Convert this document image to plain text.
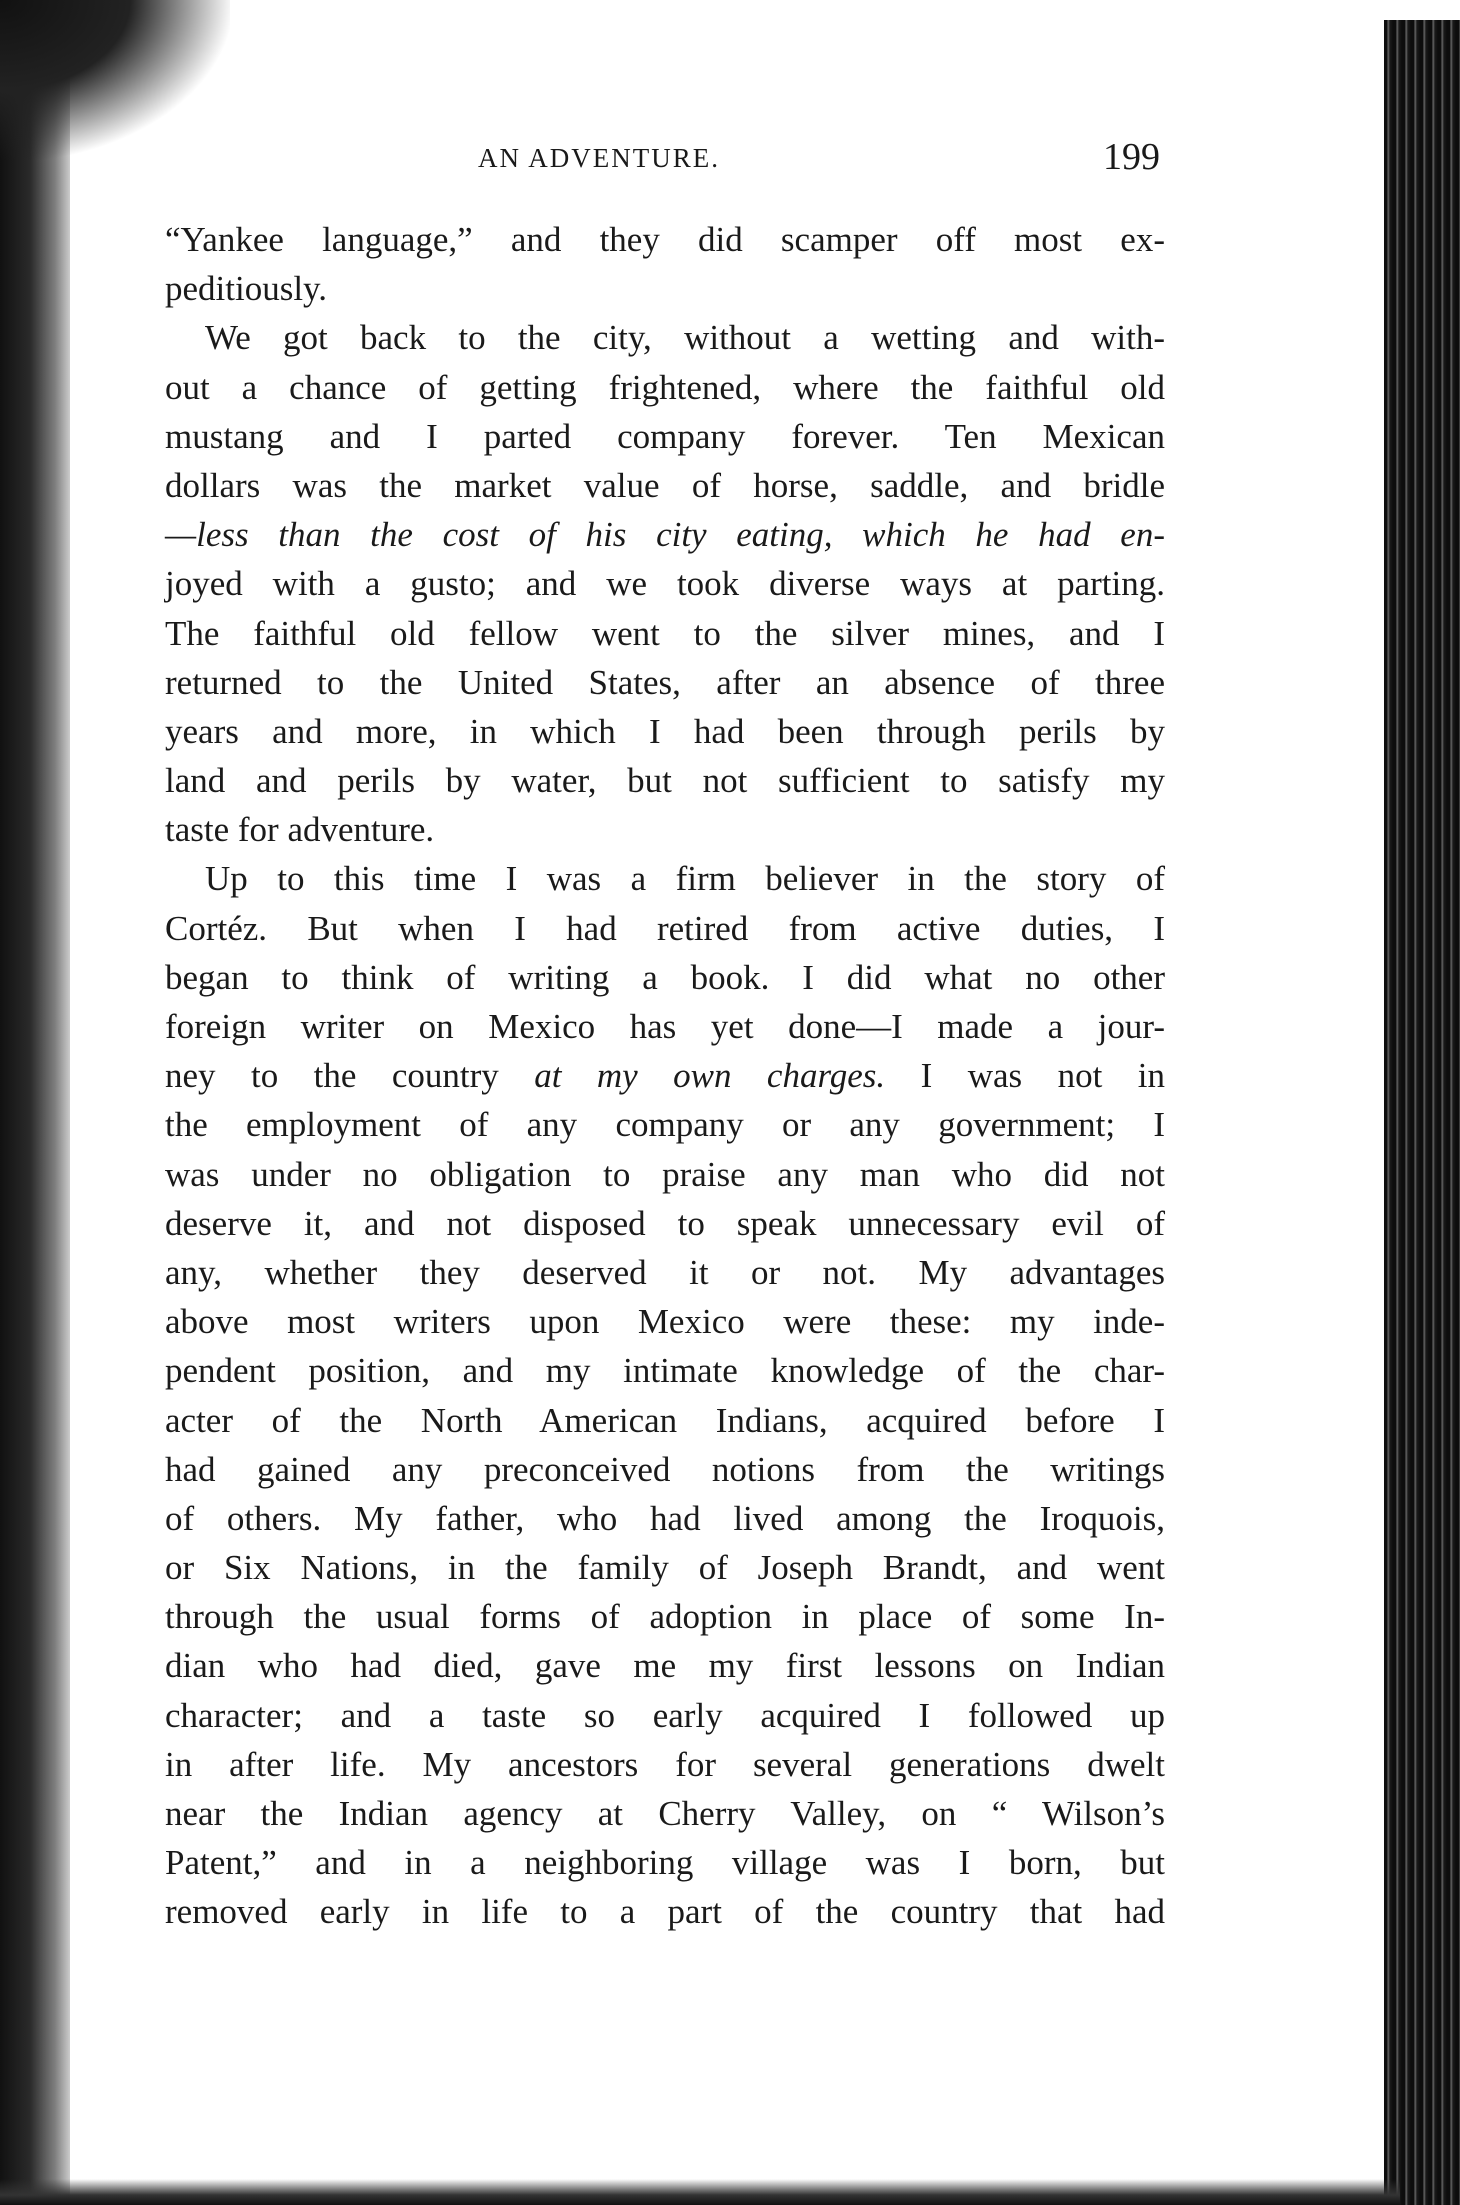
AN ADVENTURE.	199
“Yankee language,” and they did scamper off most ex-
peditiously.
We got back to the city, without a wetting and with-
out a chance of getting frightened, where the faithful old
mustang and I parted company forever. Ten Mexican
dollars was the market value of horse, saddle, and bridle
—less than the cost of his city eating, which he had en-
joyed with a gusto; and we took diverse ways at parting.
The faithful old fellow went to the silver mines, and I
returned to the United States, after an absence of three
years and more, in which I had been through perils by
land and perils by water, but not sufficient to satisfy my
taste for adventure.
Up to this time I was a firm believer in the story of
Cortéz. But when I had retired from active duties, I
began to think of writing a book. I did what no other
foreign writer on Mexico has yet done—I made a jour-
ney to the country at my own charges. I was not in
the employment of any company or any government; I
was under no obligation to praise any man who did not
deserve it, and not disposed to speak unnecessary evil of
any, whether they deserved it or not. My advantages
above most writers upon Mexico were these: my inde-
pendent position, and my intimate knowledge of the char-
acter of the North American Indians, acquired before I
had gained any preconceived notions from the writings
of others. My father, who had lived among the Iroquois,
or Six Nations, in the family of Joseph Brandt, and went
through the usual forms of adoption in place of some In-
dian who had died, gave me my first lessons on Indian
character; and a taste so early acquired I followed up
in after life. My ancestors for several generations dwelt
near the Indian agency at Cherry Valley, on “ Wilson’s
Patent,” and in a neighboring village was I born, but
removed early in life to a part of the country that had
